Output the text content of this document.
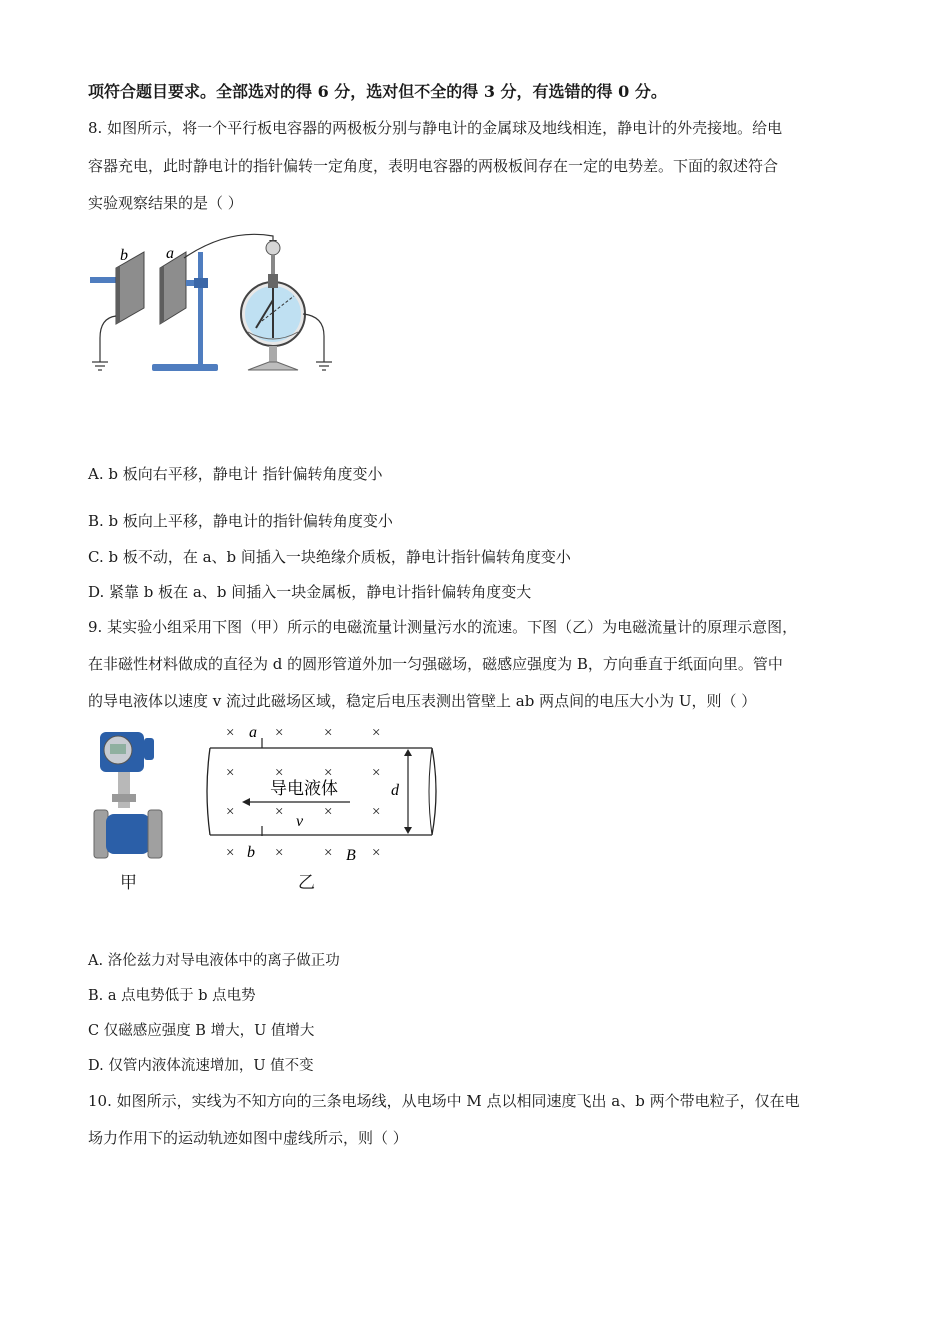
项符合题目要求。全部选对的得 6 分，选对但不全的得 3 分，有选错的得 0 分。
8. 如图所示，将一个平行板电容器的两极板分别与静电计的金属球及地线相连，静电计的外壳接地。给电
容器充电，此时静电计的指针偏转一定角度，表明电容器的两极板间存在一定的电势差。下面的叙述符合
实验观察结果的是（ ）
b a
A. b 板向右平移，静电计 指针偏转角度变小
B. b 板向上平移，静电计的指针偏转角度变小
C. b 板不动，在 a、b 间插入一块绝缘介质板，静电计指针偏转角度变小
D. 紧靠 b 板在 a、b 间插入一块金属板，静电计指针偏转角度变大
9. 某实验小组采用下图（甲）所示的电磁流量计测量污水的流速。下图（乙）为电磁流量计的原理示意图，
在非磁性材料做成的直径为 d 的圆形管道外加一匀强磁场，磁感应强度为 B，方向垂直于纸面向里。管中
的导电液体以速度 v 流过此磁场区域，稳定后电压表测出管壁上 ab 两点间的电压大小为 U，则（ ）
甲
×	×	×	×
×	×	×	×
×	×	×	×
×	×	×	×
a
b
d
导电液体
v
B
乙
A. 洛伦兹力对导电液体中的离子做正功
B. a 点电势低于 b 点电势
C 仅磁感应强度 B 增大，U 值增大
D. 仅管内液体流速增加，U 值不变
10. 如图所示，实线为不知方向的三条电场线，从电场中 M 点以相同速度飞出 a、b 两个带电粒子，仅在电
场力作用下的运动轨迹如图中虚线所示，则（ ）
